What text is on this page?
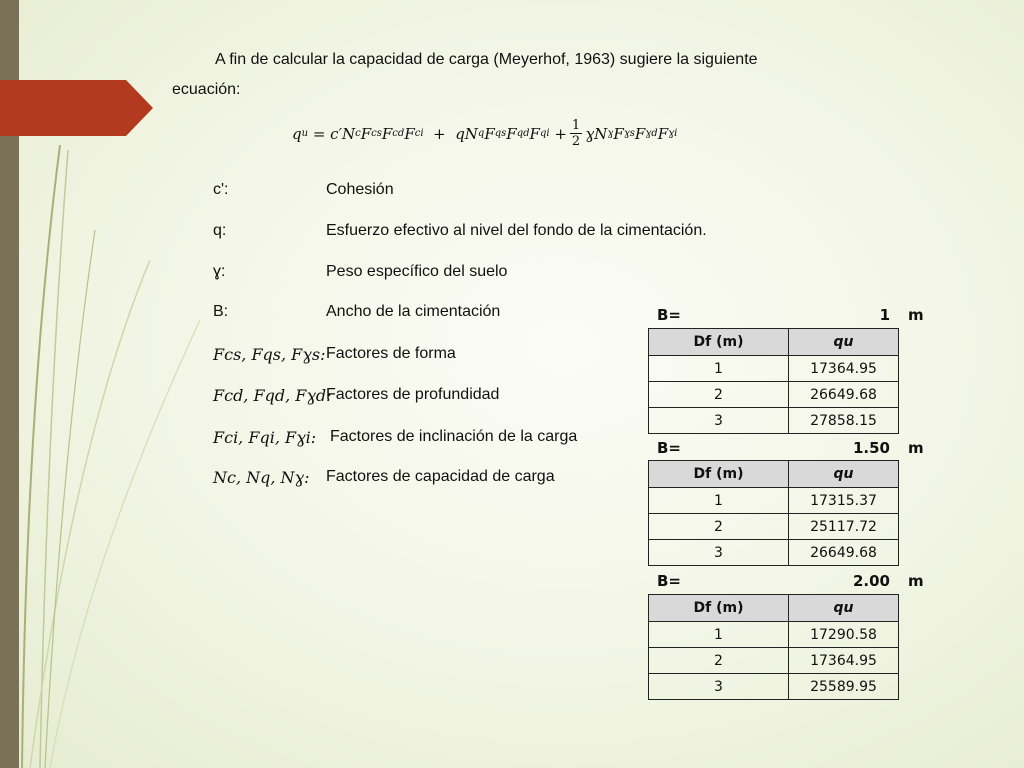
A fin de calcular la capacidad de carga (Meyerhof, 1963) sugiere la siguiente
ecuación:
q u = c′N c F cs F cd F ci +  qN q F qs F qd F qi + $\frac{1}{2}$ ɣN ɣ F ɣs F ɣd F ɣi
c':	Cohesión
q:	Esfuerzo efectivo al nivel del fondo de la cimentación.
ɣ:	Peso específico del suelo
B:	Ancho de la cimentación
Fcs, Fqs, Fɣs: Factores de forma
Fcd, Fqd, Fɣd:
Factores de profundidad
Fci, Fqi, Fɣi: Factores de inclinación de la carga
Nc, Nq, Nɣ: Factores de capacidad de carga
B=	1 m
Df (m)	qu
1	17364.95
2	26649.68
3	27858.15
B=	1.50 m
Df (m)	qu
1	17315.37
2	25117.72
3	26649.68
B=	2.00 m
Df (m)	qu
1	17290.58
2	17364.95
3	25589.95
